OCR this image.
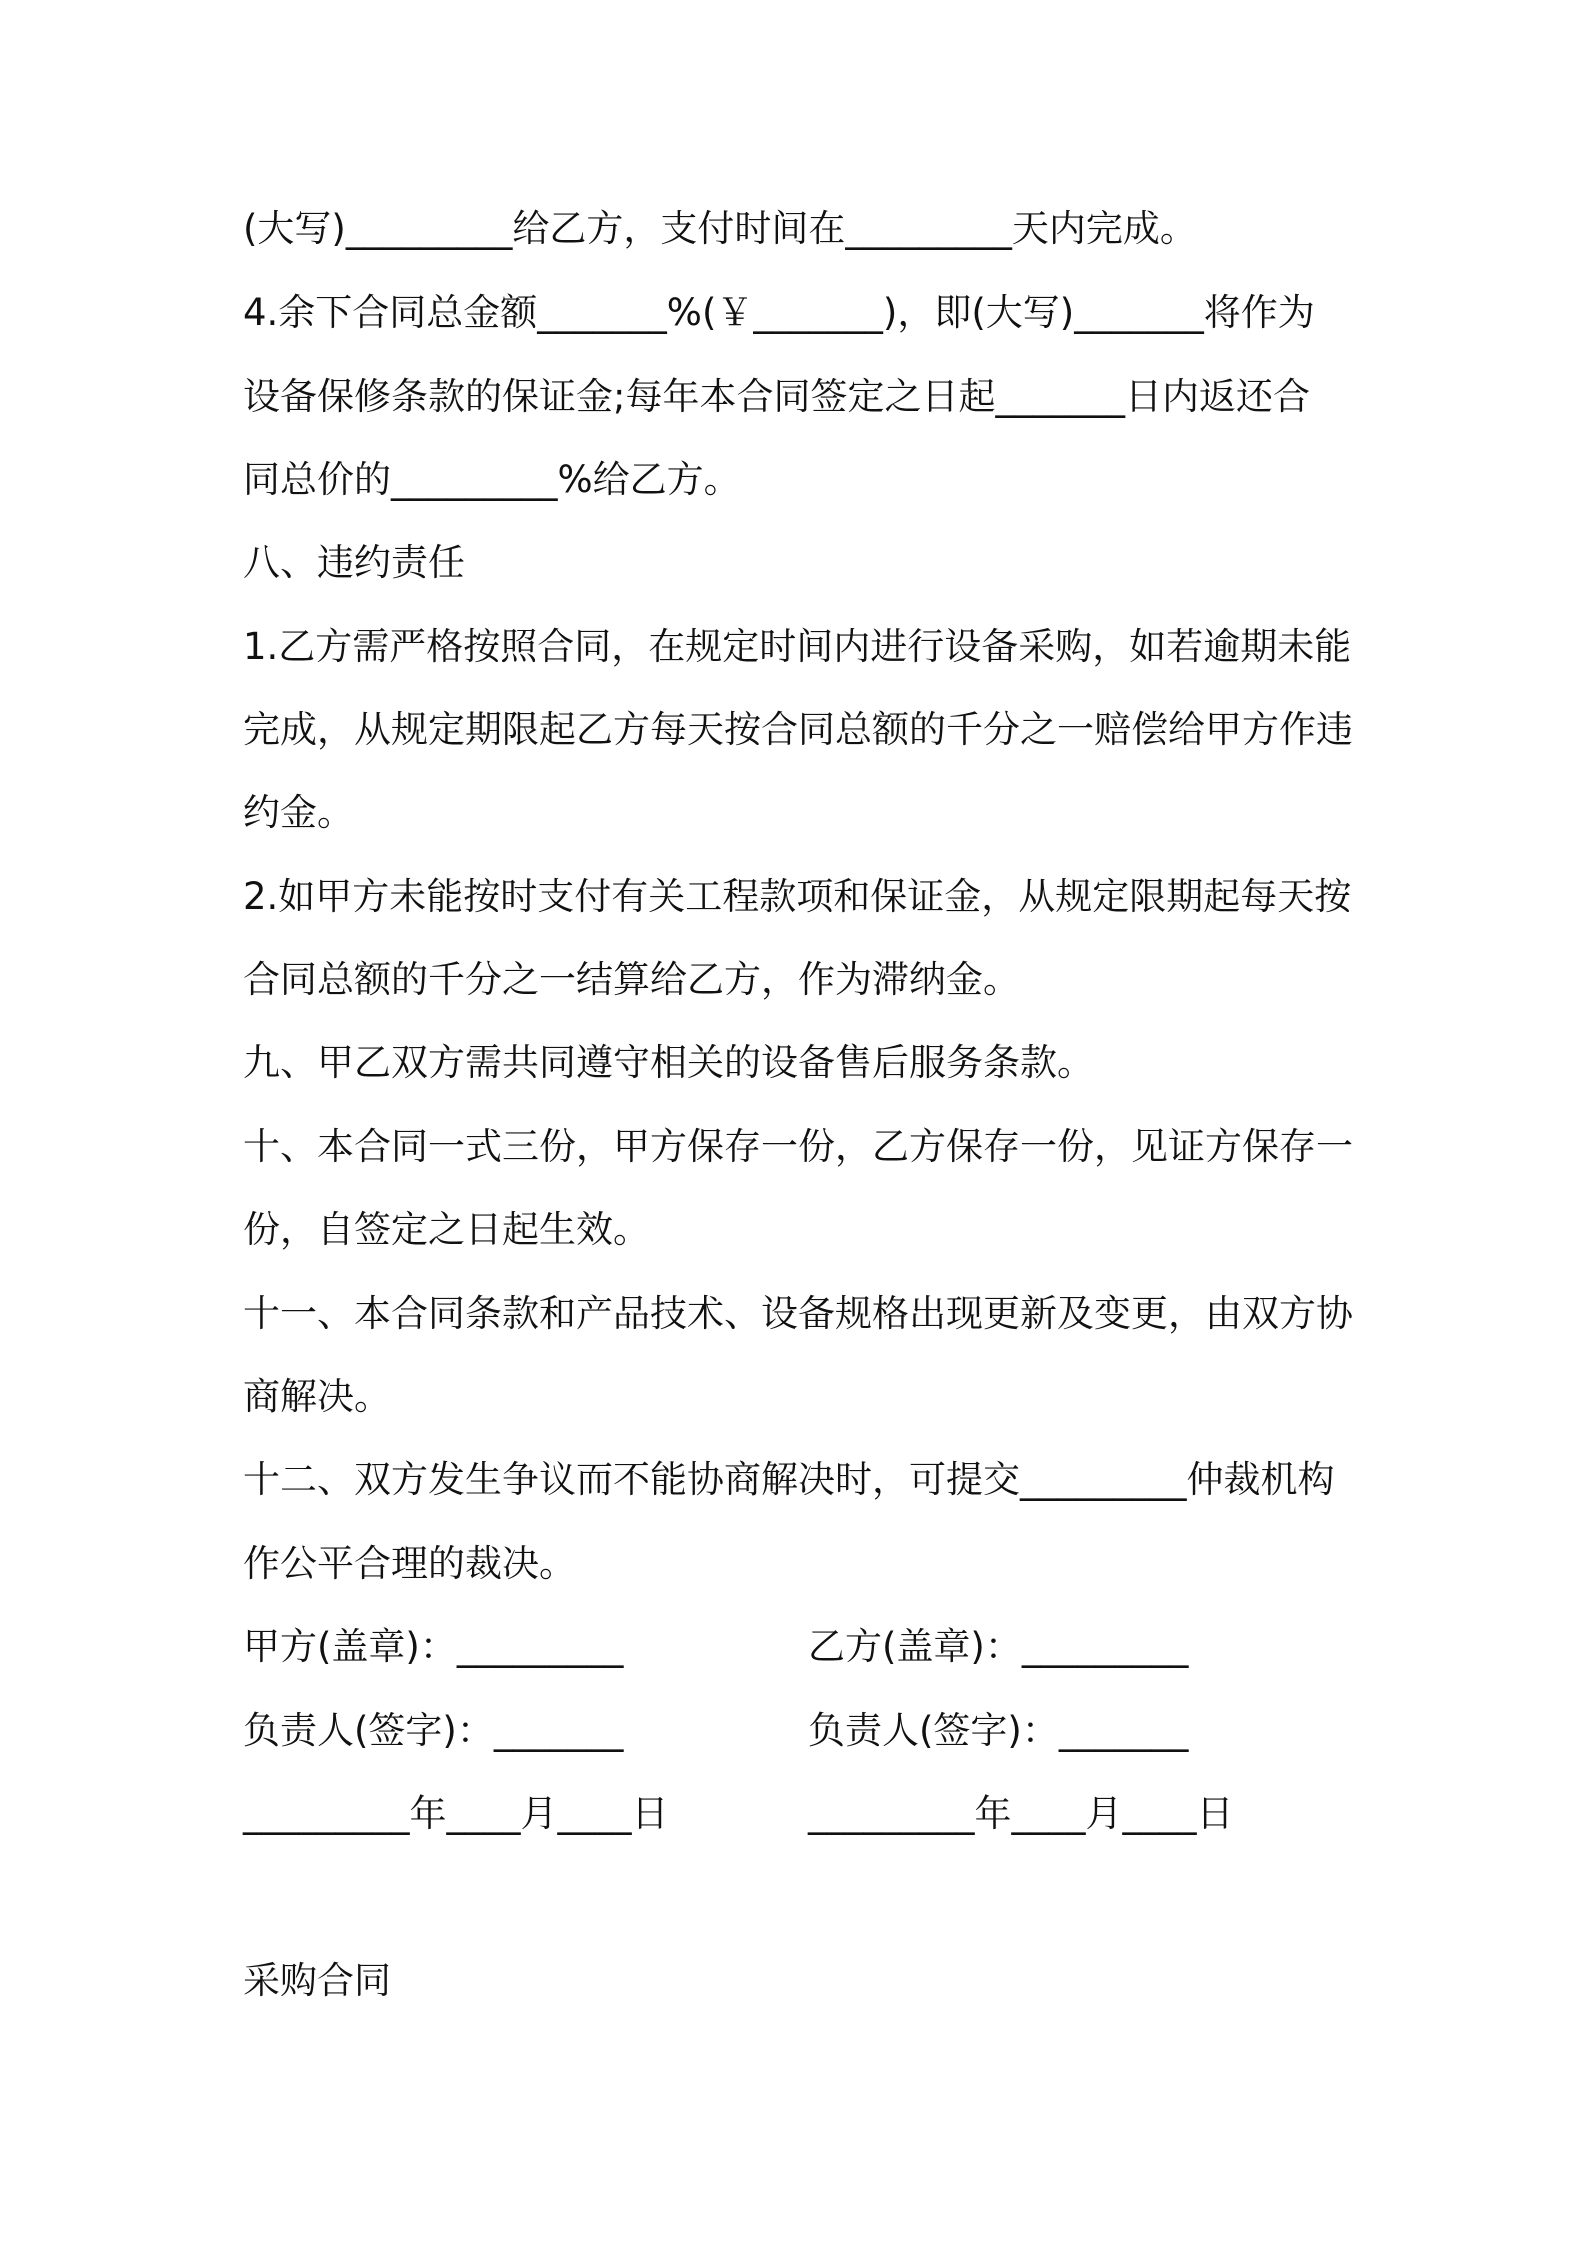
(大写)_________给乙方，支付时间在_________天内完成。
4.余下合同总金额_______%(￥_______)，即(大写)_______将作为
设备保修条款的保证金;每年本合同签定之日起_______日内返还合
同总价的_________%给乙方。
八、违约责任
1.乙方需严格按照合同，在规定时间内进行设备采购，如若逾期未能
完成，从规定期限起乙方每天按合同总额的千分之一赔偿给甲方作违
约金。
2.如甲方未能按时支付有关工程款项和保证金，从规定限期起每天按
合同总额的千分之一结算给乙方，作为滞纳金。
九、甲乙双方需共同遵守相关的设备售后服务条款。
十、本合同一式三份，甲方保存一份，乙方保存一份，见证方保存一
份，自签定之日起生效。
十一、本合同条款和产品技术、设备规格出现更新及变更，由双方协
商解决。
十二、双方发生争议而不能协商解决时，可提交_________仲裁机构
作公平合理的裁决。
甲方(盖章)：_________	乙方(盖章)：_________
负责人(签字)：_______	负责人(签字)：_______
_________年____月____日	_________年____月____日
采购合同
